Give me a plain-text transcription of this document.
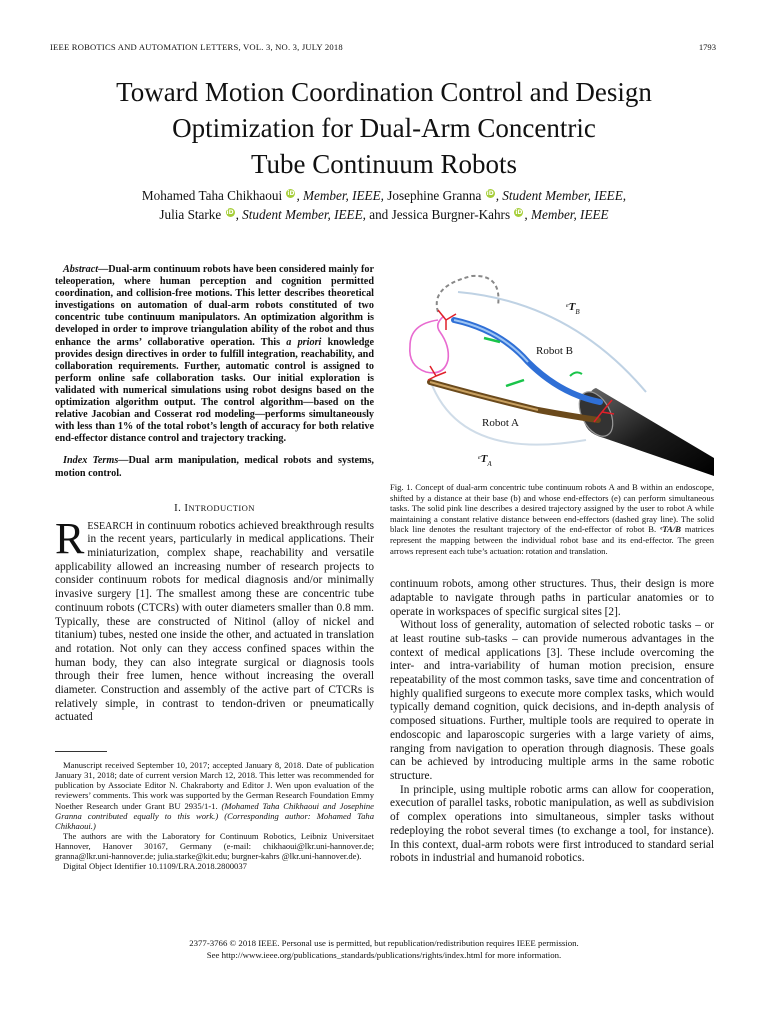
IEEE ROBOTICS AND AUTOMATION LETTERS, VOL. 3, NO. 3, JULY 2018	1793
Toward Motion Coordination Control and Design
Optimization for Dual-Arm Concentric
Tube Continuum Robots
Mohamed Taha Chikhaoui iD , Member, IEEE, Josephine Granna iD , Student Member, IEEE,
Julia Starke iD , Student Member, IEEE, and Jessica Burgner-Kahrs iD , Member, IEEE

Abstract—Dual-arm continuum robots have been considered mainly for teleoperation, where human perception and cognition permitted coordination, and collision-free motions. This letter describes theoretical investigations on automation of dual-arm robots constituted of two concentric tube continuum manipulators. An optimization algorithm is developed in order to improve triangulation ability of the robot and thus enhance the arms’ collaborative operation. This a priori knowledge provides design directives in order to fulfill integration, reachability, and collaboration requirements. Further, automatic control is assigned to perform online safe collaboration tasks. Our initial exploration is validated with numerical simulations using robot designs based on the optimization algorithm output. The control algorithm—based on the relative Jacobian and Cosserat rod modeling—performs simultaneously with less than 1% of the total robot’s length of accuracy for both relative end-effector distance control and trajectory tracking.

Index Terms—Dual arm manipulation, medical robots and systems, motion control.

I. INTRODUCTION

RESEARCH in continuum robotics achieved breakthrough results in the recent years, particularly in medical applications. Their miniaturization, complex shape, reachability and versatile applicability allowed an increasing number of research projects to consider continuum robots for medical diagnosis and/or minimally invasive surgery [1]. The smallest among these are concentric tube continuum robots (CTCRs) with outer diameters smaller than 0.8 mm. Typically, these are constructed of Nitinol (alloy of nickel and titanium) tubes, nested one inside the other, and actuated in translation and rotation. Not only can they access confined spaces within the human body, they can also integrate surgical or diagnosis tools through their free lumen, hence without increasing the overall diameter. Construction and assembly of the active part of CTCRs is relatively simple, in contrast to tendon-driven or pneumatically actuated

Manuscript received September 10, 2017; accepted January 8, 2018. Date of publication January 31, 2018; date of current version March 12, 2018. This letter was recommended for publication by Associate Editor N. Chakraborty and Editor J. Wen upon evaluation of the reviewers’ comments. This work was supported by the German Research Foundation Emmy Noether Research under Grant BU 2935/1-1. (Mohamed Taha Chikhaoui and Josephine Granna contributed equally to this work.) (Corresponding author: Mohamed Taha Chikhaoui.)

The authors are with the Laboratory for Continuum Robotics, Leibniz Universitaet Hannover, Hanover 30167, Germany (e-mail: chikhaoui@lkr.uni-hannover.de; granna@lkr.uni-hannover.de; julia.starke@kit.edu; burgner-kahrs @lkr.uni-hannover.de).

Digital Object Identifier 10.1109/LRA.2018.2800037

Robot B
Robot A
$^eT_B$
$^eT_A$

Fig. 1. Concept of dual-arm concentric tube continuum robots A and B within an endoscope, shifted by a distance at their base (b) and whose end-effectors (e) can perform simultaneous tasks. The solid pink line describes a desired trajectory assigned by the user to robot A while maintaining a constant relative distance between end-effectors (dashed gray line). The solid black line denotes the resultant trajectory of the end-effector of robot B. ᵉTA/B matrices represent the mapping between the individual robot base and its end-effector. The green arrows represent each tube’s actuation: rotation and translation.

continuum robots, among other structures. Thus, their design is more adaptable to navigate through paths in particular anatomies or to operate in workspaces of specific surgical sites [2].

Without loss of generality, automation of selected robotic tasks – or at least routine sub-tasks – can provide numerous advantages in the context of medical applications [3]. These include overcoming the inter- and intra-variability of human motion precision, ensure repeatability of the most common tasks, save time and concentration of highly qualified surgeons to execute more complex tasks, which would typically demand cognition, quick decisions, and in-depth analysis of composed situations. Further, multiple tools are required to operate in endoscopic and laparoscopic surgeries with a large variety of aims, ranging from navigation to operation through diagnosis. These goals can be achieved by introducing multiple arms in the same robotic structure.

In principle, using multiple robotic arms can allow for cooperation, execution of parallel tasks, robotic manipulation, as well as subdivision of complex operations into simultaneous, simpler tasks without redeploying the robot several times (to exchange a tool, for instance). In this context, dual-arm robots were first introduced to standard serial robots in industrial and humanoid robotics.

2377-3766 © 2018 IEEE. Personal use is permitted, but republication/redistribution requires IEEE permission.
See http://www.ieee.org/publications_standards/publications/rights/index.html for more information.
